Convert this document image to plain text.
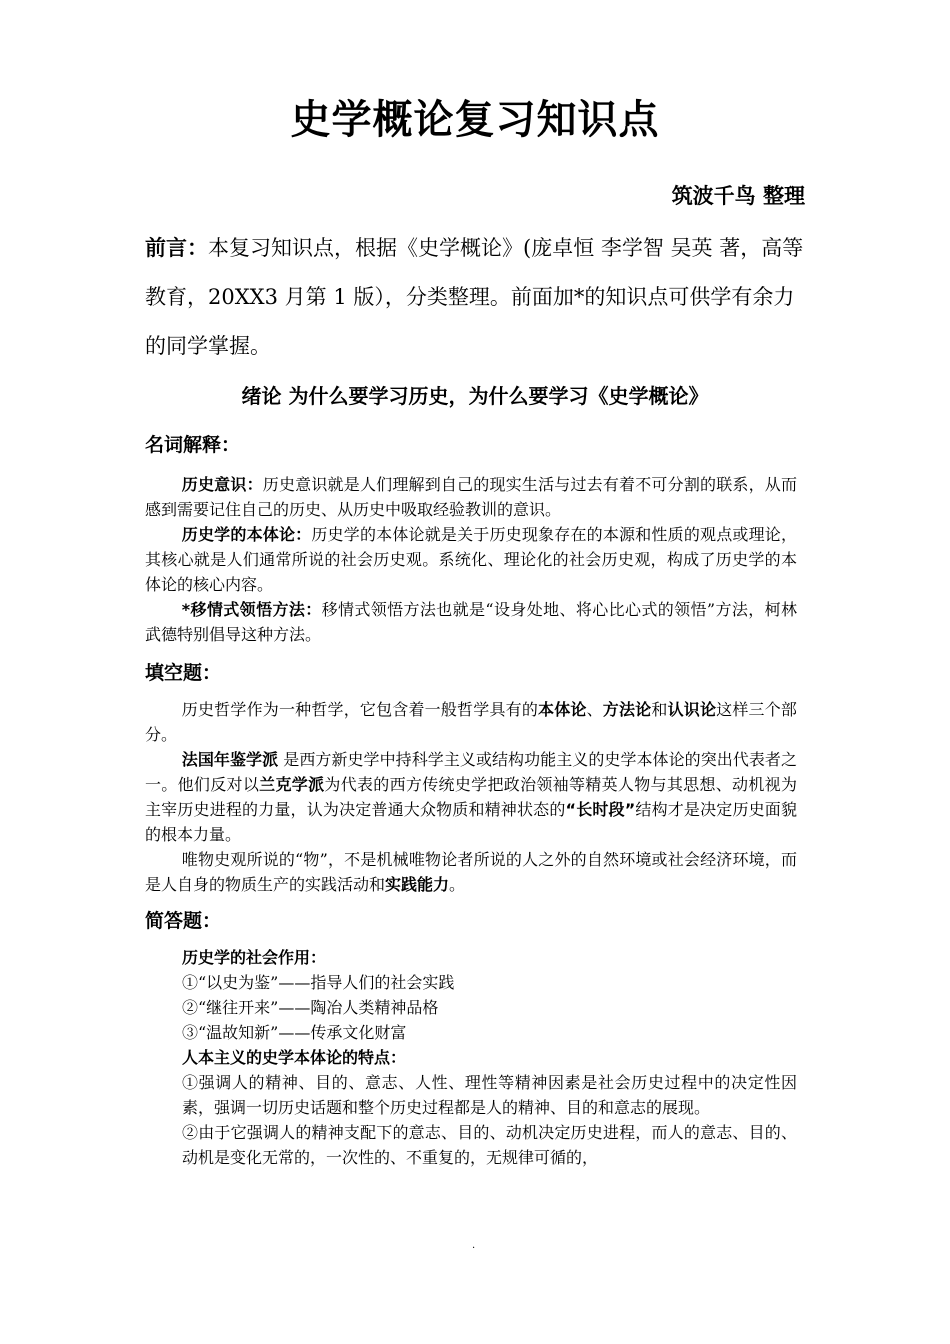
史学概论复习知识点
筑波千鸟 整理
前言：本复习知识点，根据《史学概论》(庞卓恒 李学智 吴英 著，高等教育，20XX3 月第 1 版），分类整理。前面加*的知识点可供学有余力的同学掌握。
绪论 为什么要学习历史，为什么要学习《史学概论》
名词解释：

历史意识：历史意识就是人们理解到自己的现实生活与过去有着不可分割的联系，从而感到需要记住自己的历史、从历史中吸取经验教训的意识。

历史学的本体论：历史学的本体论就是关于历史现象存在的本源和性质的观点或理论，其核心就是人们通常所说的社会历史观。系统化、理论化的社会历史观，构成了历史学的本体论的核心内容。

*移情式领悟方法：移情式领悟方法也就是“设身处地、将心比心式的领悟”方法，柯林武德特别倡导这种方法。

填空题：

历史哲学作为一种哲学，它包含着一般哲学具有的本体论、方法论和认识论这样三个部分。

法国年鉴学派 是西方新史学中持科学主义或结构功能主义的史学本体论的突出代表者之一。他们反对以兰克学派为代表的西方传统史学把政治领袖等精英人物与其思想、动机视为主宰历史进程的力量，认为决定普通大众物质和精神状态的“长时段”结构才是决定历史面貌的根本力量。

唯物史观所说的“物”，不是机械唯物论者所说的人之外的自然环境或社会经济环境，而是人自身的物质生产的实践活动和实践能力。

简答题：

历史学的社会作用：

①“以史为鉴”——指导人们的社会实践

②“继往开来”——陶冶人类精神品格

③“温故知新”——传承文化财富

人本主义的史学本体论的特点：

①强调人的精神、目的、意志、人性、理性等精神因素是社会历史过程中的决定性因素，强调一切历史话题和整个历史过程都是人的精神、目的和意志的展现。

②由于它强调人的精神支配下的意志、目的、动机决定历史进程，而人的意志、目的、动机是变化无常的，一次性的、不重复的，无规律可循的，

.
